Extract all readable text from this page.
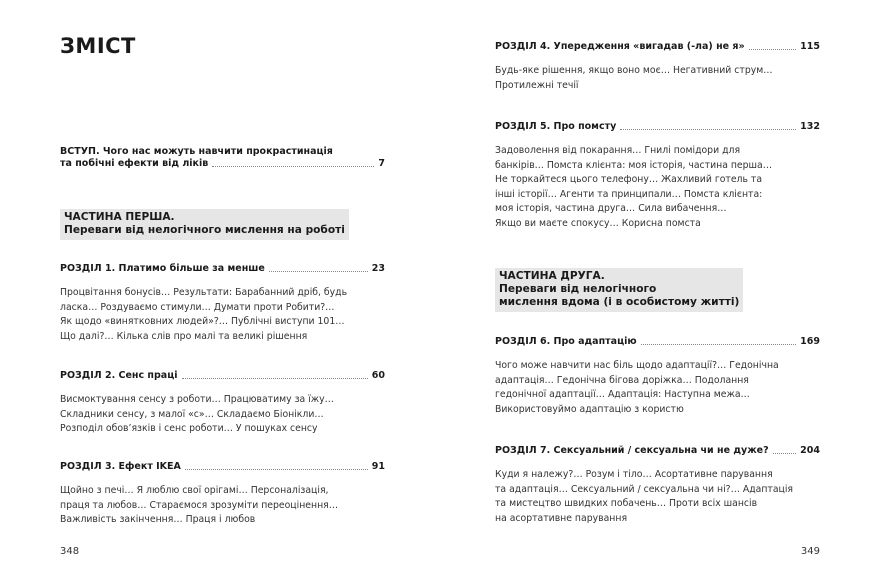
ЗМІСТ
ВСТУП. Чого нас можуть навчити прокрастинація
та побічні ефекти від ліків	7
ЧАСТИНА ПЕРША.
Переваги від нелогічного мислення на роботі
РОЗДІЛ 1. Платимо більше за менше	23
Процвітання бонусів… Результати: Барабанний дріб, будь
ласка… Роздуваємо стимули… Думати проти Робити?…
Як щодо «винятковних людей»?… Публічні виступи 101…
Що далі?… Кілька слів про малі та великі рішення
РОЗДІЛ 2. Сенс праці	60
Висмоктування сенсу з роботи… Працюватиму за їжу…
Складники сенсу, з малої «с»… Складаємо Біонікли…
Розподіл обов’язків і сенс роботи… У пошуках сенсу
РОЗДІЛ 3. Ефект IKEA	91
Щойно з печі… Я люблю свої орігамі… Персоналізація,
праця та любов… Стараємося зрозуміти переоцінення…
Важливість закінчення… Праця і любов
348
РОЗДІЛ 4. Упередження «вигадав (-ла) не я»	115
Будь-яке рішення, якщо воно моє… Негативний струм…
Протилежні течії
РОЗДІЛ 5. Про помсту	132
Задоволення від покарання… Гнилі помідори для
банкірів… Помста клієнта: моя історія, частина перша…
Не торкайтеся цього телефону… Жахливий готель та
інші історії… Агенти та принципали… Помста клієнта:
моя історія, частина друга… Сила вибачення…
Якщо ви маєте спокусу… Корисна помста
ЧАСТИНА ДРУГА.
Переваги від нелогічного
мислення вдома (і в особистому житті)
РОЗДІЛ 6. Про адаптацію	169
Чого може навчити нас біль щодо адаптації?… Гедонічна
адаптація… Гедонічна бігова доріжка… Подолання
гедонічної адаптації… Адаптація: Наступна межа…
Використовуймо адаптацію з користю
РОЗДІЛ 7. Сексуальний / сексуальна чи не дуже?	204
Куди я належу?… Розум і тіло… Асортативне парування
та адаптація… Сексуальний / сексуальна чи ні?… Адаптація
та мистецтво швидких побачень… Проти всіх шансів
на асортативне парування
349
